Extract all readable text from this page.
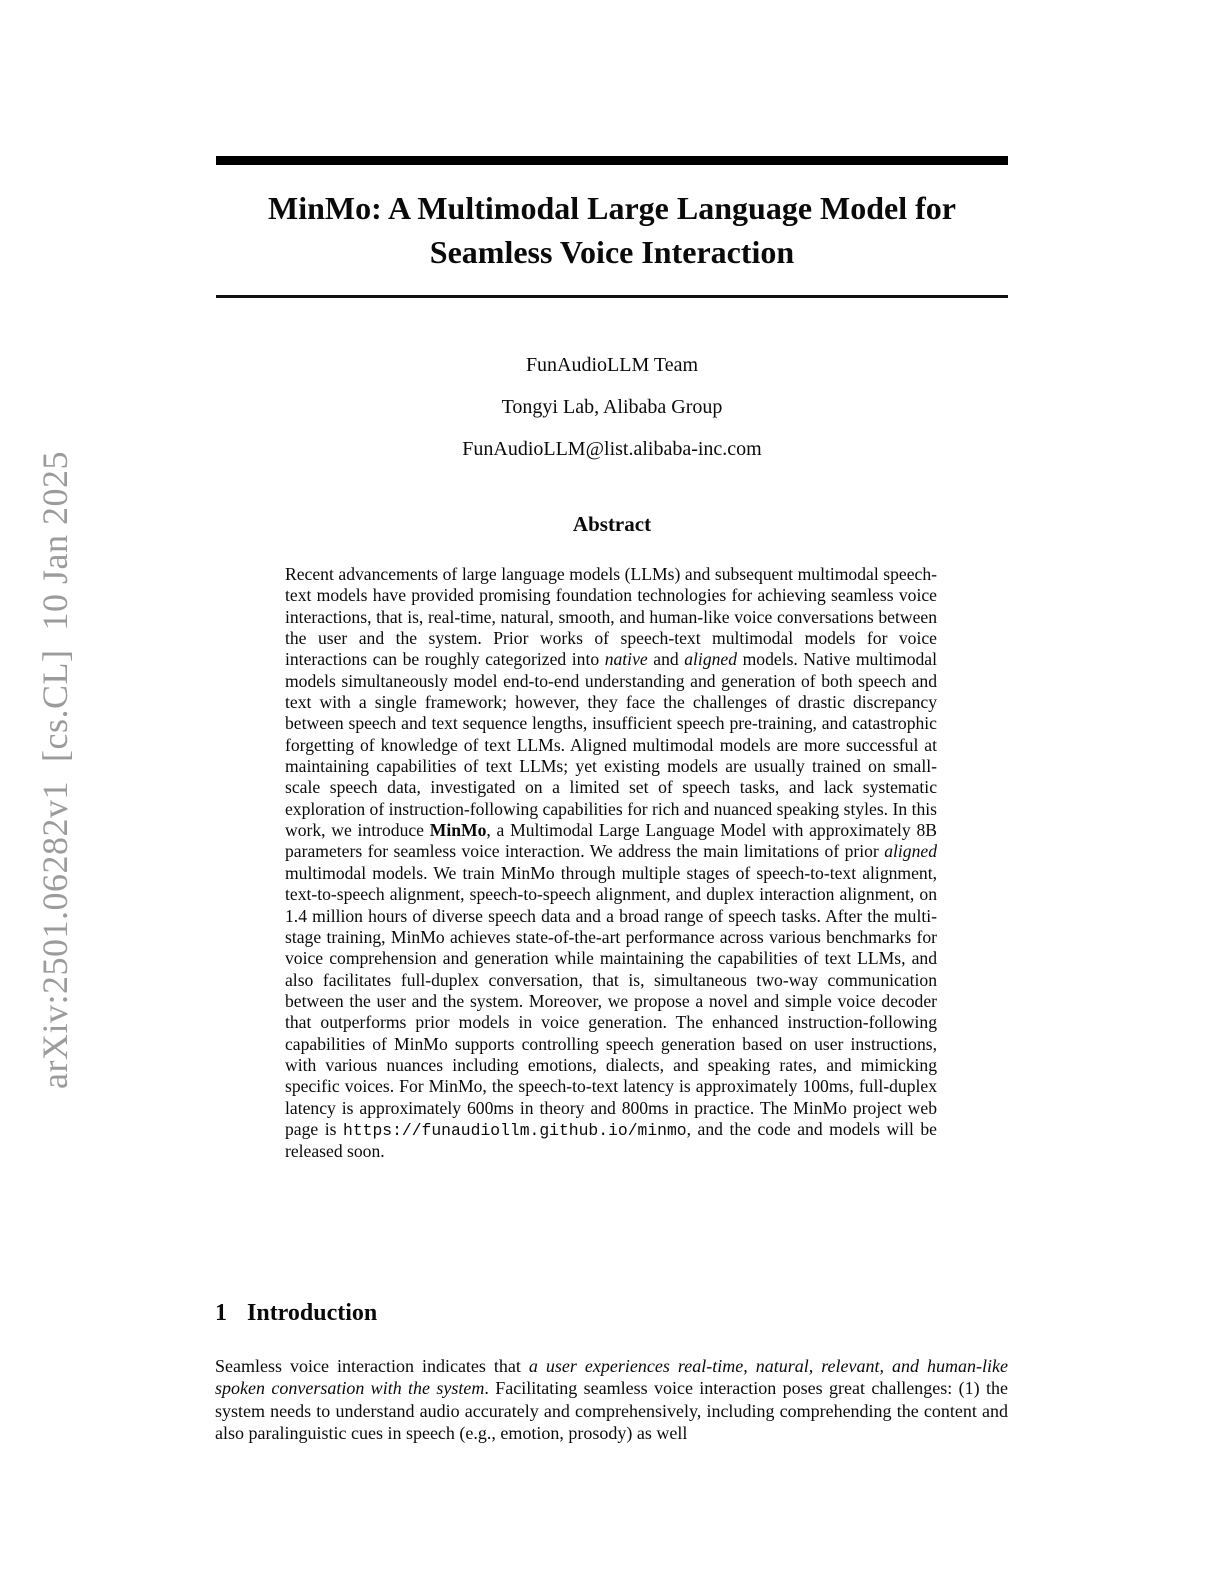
arXiv:2501.06282v1  [cs.CL]  10 Jan 2025
MinMo: A Multimodal Large Language Model for
Seamless Voice Interaction
FunAudioLLM Team
Tongyi Lab, Alibaba Group
FunAudioLLM@list.alibaba-inc.com
Abstract
Recent advancements of large language models (LLMs) and subsequent multimodal speech-text models have provided promising foundation technologies for achieving seamless voice interactions, that is, real-time, natural, smooth, and human-like voice conversations between the user and the system. Prior works of speech-text multimodal models for voice interactions can be roughly categorized into native and aligned models. Native multimodal models simultaneously model end-to-end understanding and generation of both speech and text with a single framework; however, they face the challenges of drastic discrepancy between speech and text sequence lengths, insufficient speech pre-training, and catastrophic forgetting of knowledge of text LLMs. Aligned multimodal models are more successful at maintaining capabilities of text LLMs; yet existing models are usually trained on small-scale speech data, investigated on a limited set of speech tasks, and lack systematic exploration of instruction-following capabilities for rich and nuanced speaking styles. In this work, we introduce MinMo, a Multimodal Large Language Model with approximately 8B parameters for seamless voice interaction. We address the main limitations of prior aligned multimodal models. We train MinMo through multiple stages of speech-to-text alignment, text-to-speech alignment, speech-to-speech alignment, and duplex interaction alignment, on 1.4 million hours of diverse speech data and a broad range of speech tasks. After the multi-stage training, MinMo achieves state-of-the-art performance across various benchmarks for voice comprehension and generation while maintaining the capabilities of text LLMs, and also facilitates full-duplex conversation, that is, simultaneous two-way communication between the user and the system. Moreover, we propose a novel and simple voice decoder that outperforms prior models in voice generation. The enhanced instruction-following capabilities of MinMo supports controlling speech generation based on user instructions, with various nuances including emotions, dialects, and speaking rates, and mimicking specific voices. For MinMo, the speech-to-text latency is approximately 100ms, full-duplex latency is approximately 600ms in theory and 800ms in practice. The MinMo project web page is https://funaudiollm.github.io/minmo, and the code and models will be released soon.
1 Introduction
Seamless voice interaction indicates that a user experiences real-time, natural, relevant, and human-like spoken conversation with the system. Facilitating seamless voice interaction poses great challenges: (1) the system needs to understand audio accurately and comprehensively, including comprehending the content and also paralinguistic cues in speech (e.g., emotion, prosody) as well
